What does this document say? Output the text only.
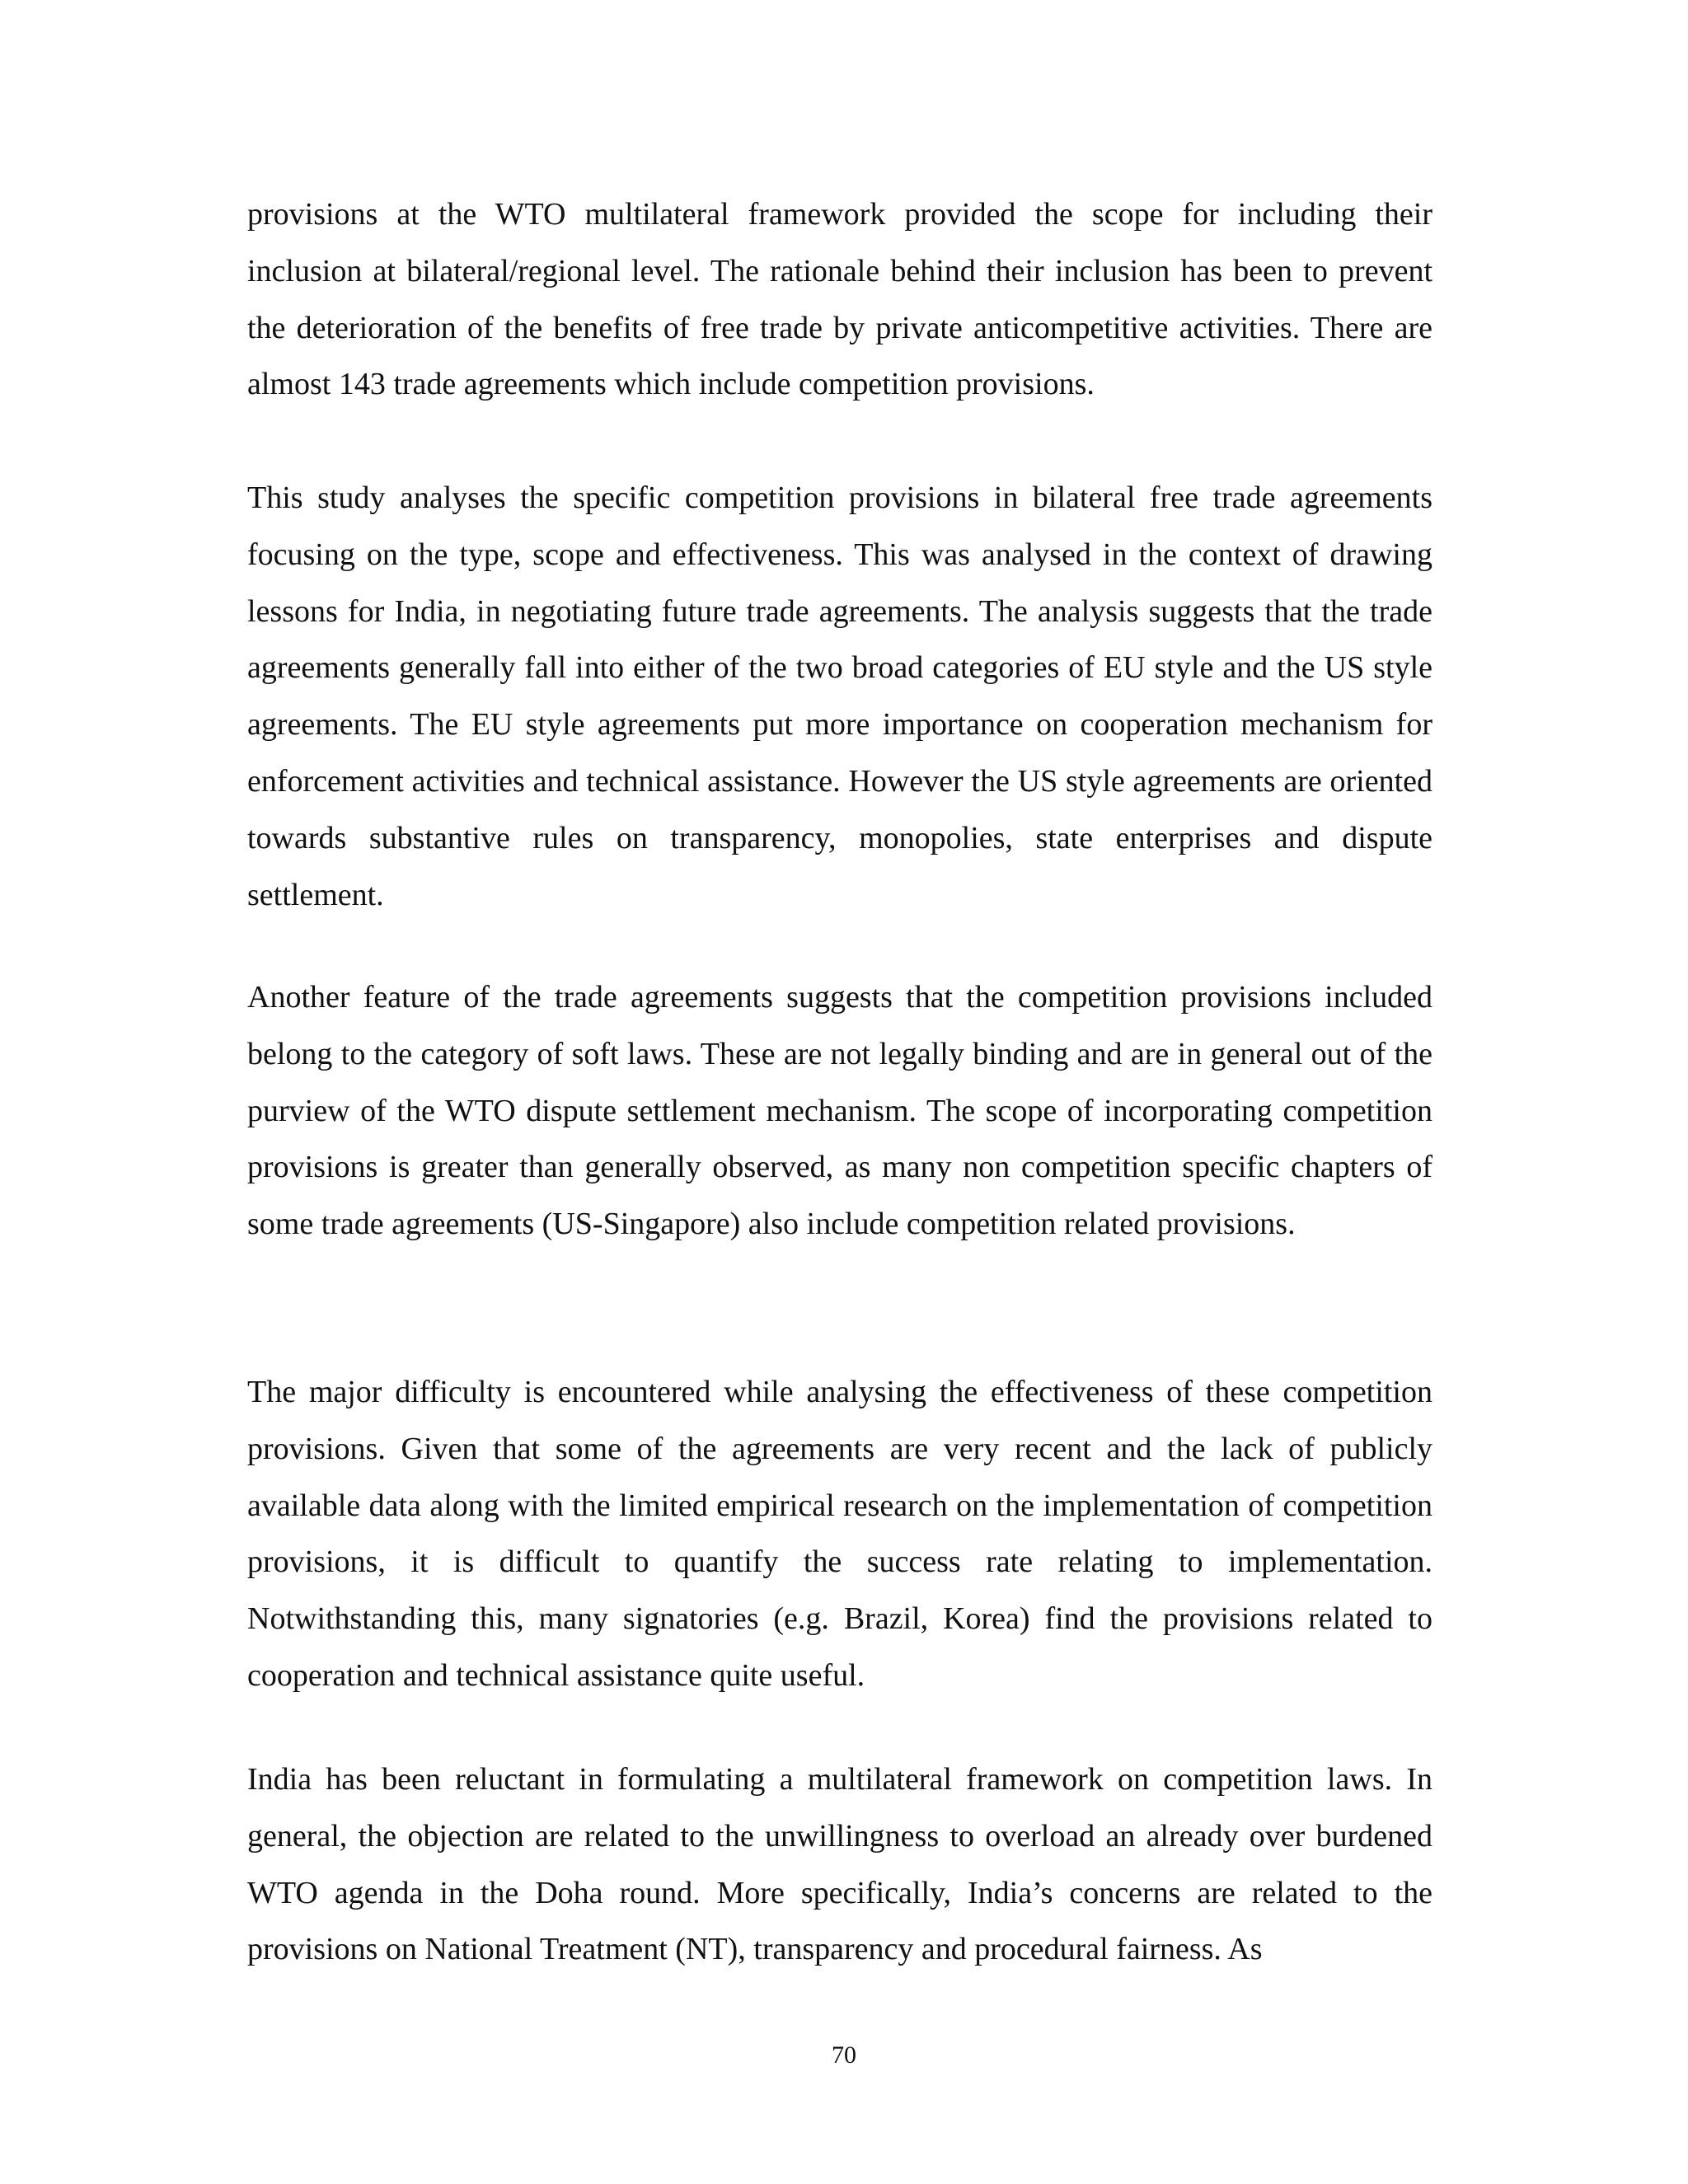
provisions at the WTO multilateral framework provided the scope for including their inclusion at bilateral/regional level. The rationale behind their inclusion has been to prevent the deterioration of the benefits of free trade by private anticompetitive activities. There are almost 143 trade agreements which include competition provisions.

This study analyses the specific competition provisions in bilateral free trade agreements focusing on the type, scope and effectiveness. This was analysed in the context of drawing lessons for India, in negotiating future trade agreements. The analysis suggests that the trade agreements generally fall into either of the two broad categories of EU style and the US style agreements. The EU style agreements put more importance on cooperation mechanism for enforcement activities and technical assistance. However the US style agreements are oriented towards substantive rules on transparency, monopolies, state enterprises and dispute settlement.

Another feature of the trade agreements suggests that the competition provisions included belong to the category of soft laws. These are not legally binding and are in general out of the purview of the WTO dispute settlement mechanism. The scope of incorporating competition provisions is greater than generally observed, as many non competition specific chapters of some trade agreements (US-Singapore) also include competition related provisions.

The major difficulty is encountered while analysing the effectiveness of these competition provisions. Given that some of the agreements are very recent and the lack of publicly available data along with the limited empirical research on the implementation of competition provisions, it is difficult to quantify the success rate relating to implementation. Notwithstanding this, many signatories (e.g. Brazil, Korea) find the provisions related to cooperation and technical assistance quite useful.

India has been reluctant in formulating a multilateral framework on competition laws. In general, the objection are related to the unwillingness to overload an already over burdened WTO agenda in the Doha round. More specifically, India’s concerns are related to the provisions on National Treatment (NT), transparency and procedural fairness. As

70
